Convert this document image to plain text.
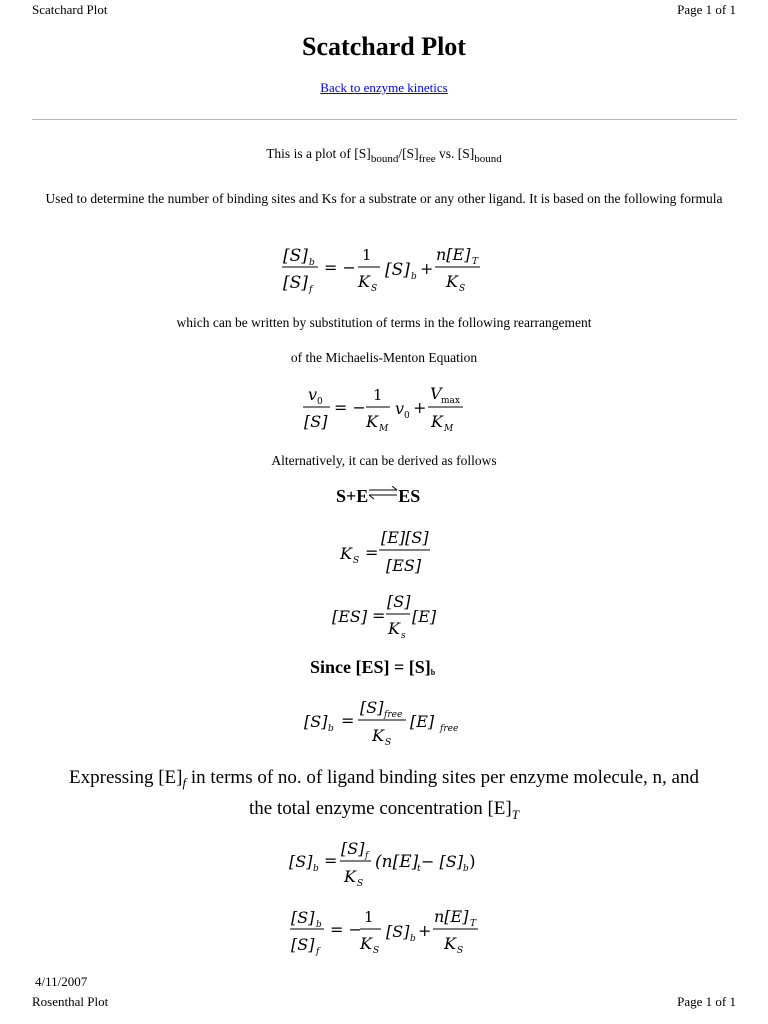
Scatchard Plot	Page 1 of 1
Scatchard Plot
Back to enzyme kinetics
This is a plot of $[S]_{bound}/[S]_{free}$ vs. $[S]_{bound}$
Used to determine the number of binding sites and Ks for a substrate or any other ligand. It is based on the following formula
[S] b
[S] f
= −
1
K S
[S] b +
n[E] T
K S
which can be written by substitution of terms in the following rearrangement
of the Michaelis-Menton Equation
v 0
[S]
= −
1
K M
v 0 +
V max
K M
Alternatively, it can be derived as follows
S+E⇌ES
K S =
[E][S]
[ES]
[ES] =
[S]
K s
[E]
Since $[ES] = [S]_b$
[S] b =
[S] free
K S
[E] free
Expressing $[E]_f$ in terms of no. of ligand binding sites per enzyme molecule, n, and
the total enzyme concentration $[E]_T$
[S] b =
[S] f
K S
(n[E]
t − [S] b )
[S] b
[S] f
= −
1
K S
[S] b +
n[E] T
K S
4/11/2007
Rosenthal Plot	Page 1 of 1
